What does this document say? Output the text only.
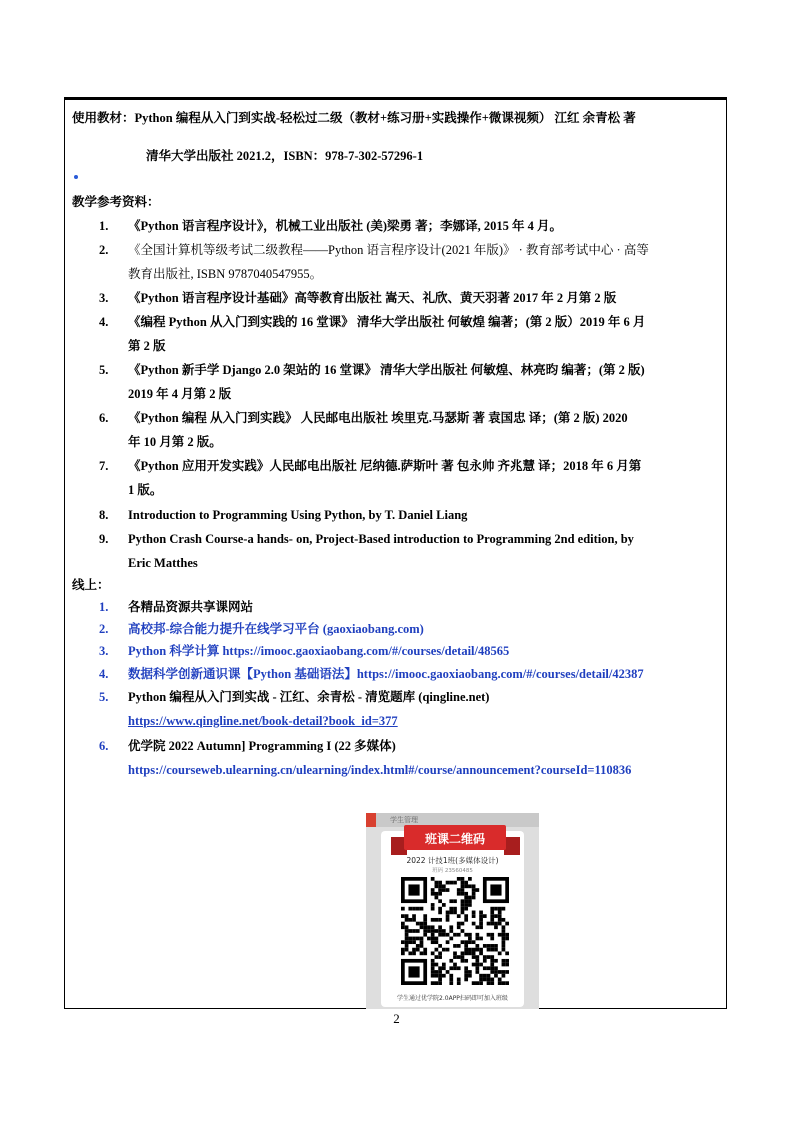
使用教材：Python 编程从入门到实战-轻松过二级（教材+练习册+实践操作+微课视频） 江红 余青松 著
清华大学出版社 2021.2，ISBN：978-7-302-57296-1
教学参考资料：
1.	《Python 语言程序设计》，机械工业出版社 (美)梁勇 著；李娜译, 2015 年 4 月。
2.	《全国计算机等级考试二级教程——Python 语言程序设计(2021 年版)》 · 教育部考试中心 · 高等
教育出版社, ISBN 9787040547955。
3.	《Python 语言程序设计基础》高等教育出版社 嵩天、礼欣、黄天羽著 2017 年 2 月第 2 版
4.	《编程 Python 从入门到实践的 16 堂课》 清华大学出版社 何敏煌 编著；(第 2 版）2019 年 6 月
第 2 版
5.	《Python 新手学 Django 2.0 架站的 16 堂课》 清华大学出版社 何敏煌、林亮昀 编著；(第 2 版)
2019 年 4 月第 2 版
6.	《Python 编程 从入门到实践》 人民邮电出版社 埃里克.马瑟斯 著 袁国忠 译；(第 2 版) 2020
年 10 月第 2 版。
7.	《Python 应用开发实践》人民邮电出版社 尼纳德.萨斯叶 著 包永帅 齐兆慧 译；2018 年 6 月第
1 版。
8.	Introduction to Programming Using Python, by T. Daniel Liang
9.	Python Crash Course-a hands- on, Project-Based introduction to Programming 2nd edition, by
Eric Matthes
线上：
1.	各精品资源共享课网站
2.	高校邦-综合能力提升在线学习平台 (gaoxiaobang.com)
3.	Python 科学计算 https://imooc.gaoxiaobang.com/#/courses/detail/48565
4.	数据科学创新通识课【Python 基础语法】https://imooc.gaoxiaobang.com/#/courses/detail/42387
5.	Python 编程从入门到实战 - 江红、余青松 - 清览题库 (qingline.net)
https://www.qingline.net/book-detail?book_id=377
6.	优学院 2022 Autumn] Programming I (22 多媒体)
https://courseweb.ulearning.cn/ulearning/index.html#/course/announcement?courseId=110836
学生管理
班课二维码
2022 计技1班(多媒体设计)
班码 23560485
学生通过优学院2.0APP扫码即可加入班级
2
